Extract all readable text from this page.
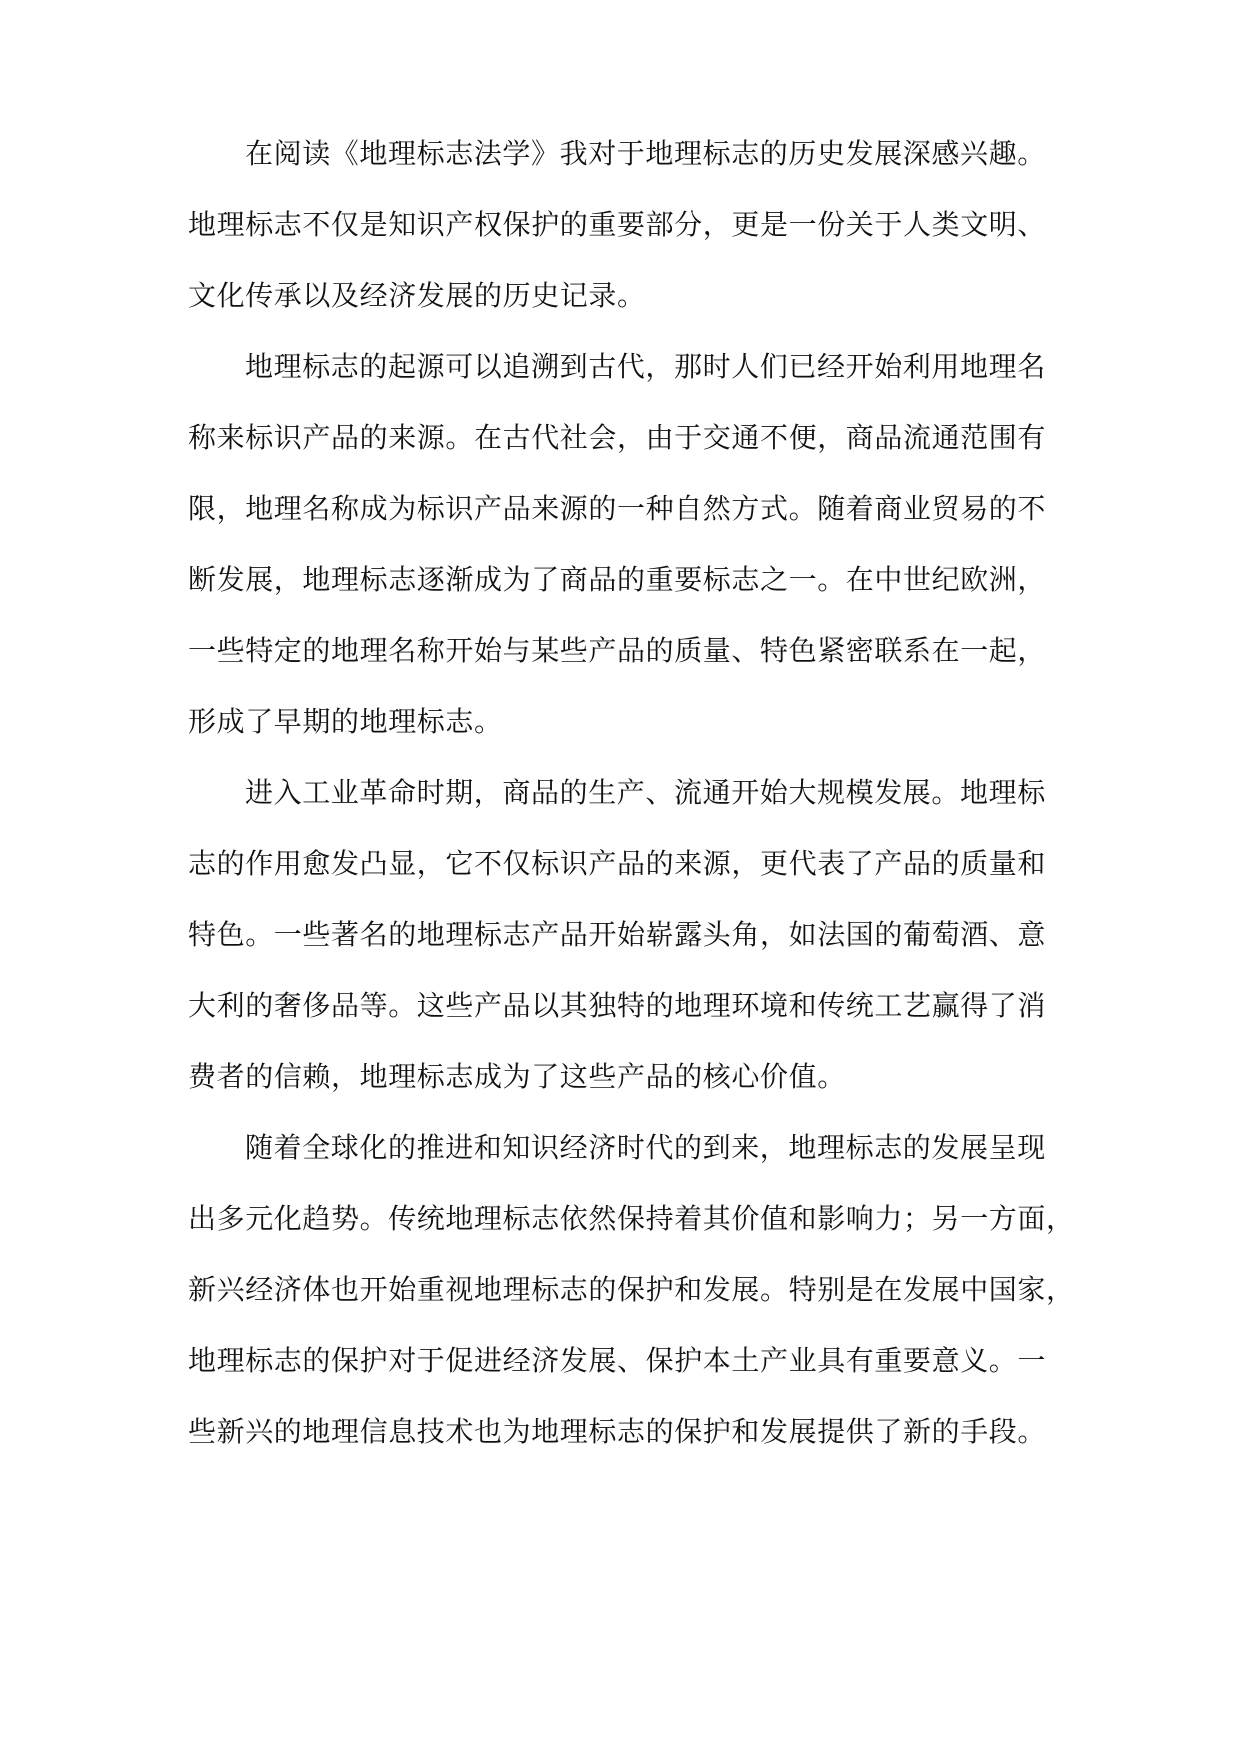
在阅读《地理标志法学》我对于地理标志的历史发展深感兴趣。
地理标志不仅是知识产权保护的重要部分，更是一份关于人类文明、
文化传承以及经济发展的历史记录。
地理标志的起源可以追溯到古代，那时人们已经开始利用地理名
称来标识产品的来源。在古代社会，由于交通不便，商品流通范围有
限，地理名称成为标识产品来源的一种自然方式。随着商业贸易的不
断发展，地理标志逐渐成为了商品的重要标志之一。在中世纪欧洲，
一些特定的地理名称开始与某些产品的质量、特色紧密联系在一起，
形成了早期的地理标志。
进入工业革命时期，商品的生产、流通开始大规模发展。地理标
志的作用愈发凸显，它不仅标识产品的来源，更代表了产品的质量和
特色。一些著名的地理标志产品开始崭露头角，如法国的葡萄酒、意
大利的奢侈品等。这些产品以其独特的地理环境和传统工艺赢得了消
费者的信赖，地理标志成为了这些产品的核心价值。
随着全球化的推进和知识经济时代的到来，地理标志的发展呈现
出多元化趋势。传统地理标志依然保持着其价值和影响力；另一方面，
新兴经济体也开始重视地理标志的保护和发展。特别是在发展中国家，
地理标志的保护对于促进经济发展、保护本土产业具有重要意义。一
些新兴的地理信息技术也为地理标志的保护和发展提供了新的手段。
